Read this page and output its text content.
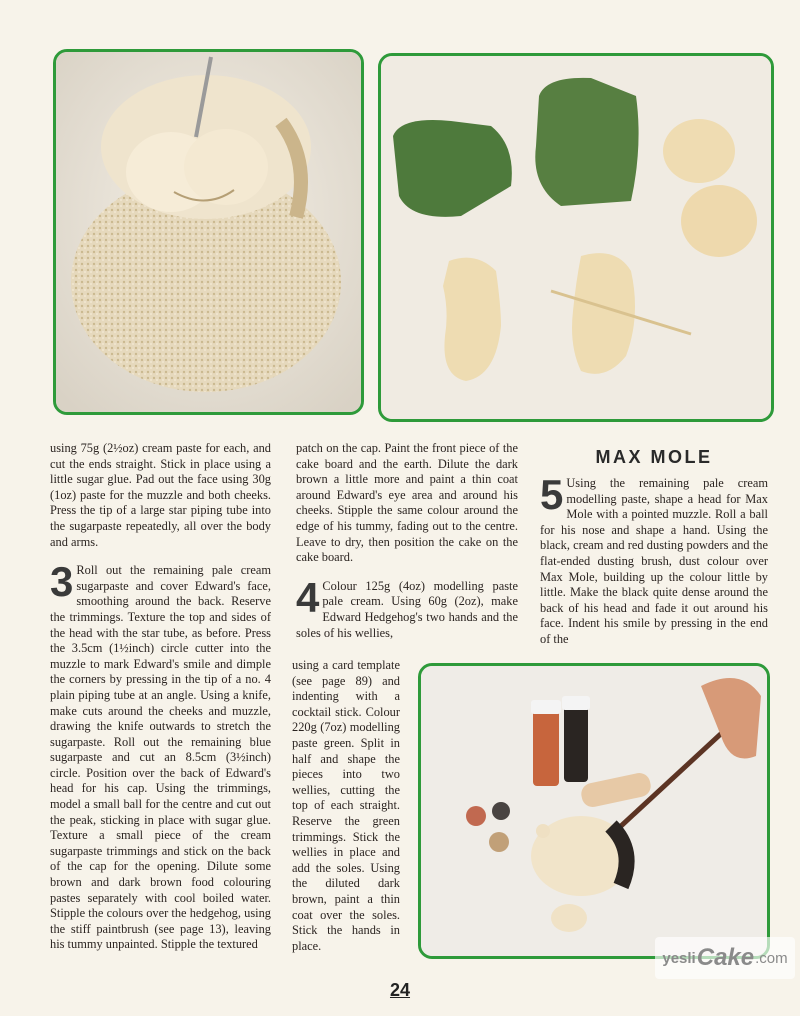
using 75g (2½oz) cream paste for each, and cut the ends straight. Stick in place using a little sugar glue. Pad out the face using 30g (1oz) paste for the muzzle and both cheeks. Press the tip of a large star piping tube into the sugarpaste repeatedly, all over the body and arms.

3 Roll out the remaining pale cream sugarpaste and cover Edward's face, smoothing around the back. Reserve the trimmings. Texture the top and sides of the head with the star tube, as before. Press the 3.5cm (1½inch) circle cutter into the muzzle to mark Edward's smile and dimple the corners by pressing in the tip of a no. 4 plain piping tube at an angle. Using a knife, make cuts around the cheeks and muzzle, drawing the knife outwards to stretch the sugarpaste. Roll out the remaining blue sugarpaste and cut an 8.5cm (3½inch) circle. Position over the back of Edward's head for his cap. Using the trimmings, model a small ball for the centre and cut out the peak, sticking in place with sugar glue. Texture a small piece of the cream sugarpaste trimmings and stick on the back of the cap for the opening. Dilute some brown and dark brown food colouring pastes separately with cool boiled water. Stipple the colours over the hedgehog, using the stiff paintbrush (see page 13), leaving his tummy unpainted. Stipple the textured

patch on the cap. Paint the front piece of the cake board and the earth. Dilute the dark brown a little more and paint a thin coat around Edward's eye area and around his cheeks. Stipple the same colour around the edge of his tummy, fading out to the centre. Leave to dry, then position the cake on the cake board.

4 Colour 125g (4oz) modelling paste pale cream. Using 60g (2oz), make Edward Hedgehog's two hands and the soles of his wellies,

using a card template (see page 89) and indenting with a cocktail stick. Colour 220g (7oz) modelling paste green. Split in half and shape the pieces into two wellies, cutting the top of each straight. Reserve the green trimmings. Stick the wellies in place and add the soles. Using the diluted dark brown, paint a thin coat over the soles. Stick the hands in place.
MAX MOLE

5 Using the remaining pale cream modelling paste, shape a head for Max Mole with a pointed muzzle. Roll a ball for his nose and shape a hand. Using the black, cream and red dusting powders and the flat-ended dusting brush, dust colour over Max Mole, building up the colour little by little. Make the black quite dense around the back of his head and fade it out around his face. Indent his smile by pressing in the end of the

yesli Cake .com
24
